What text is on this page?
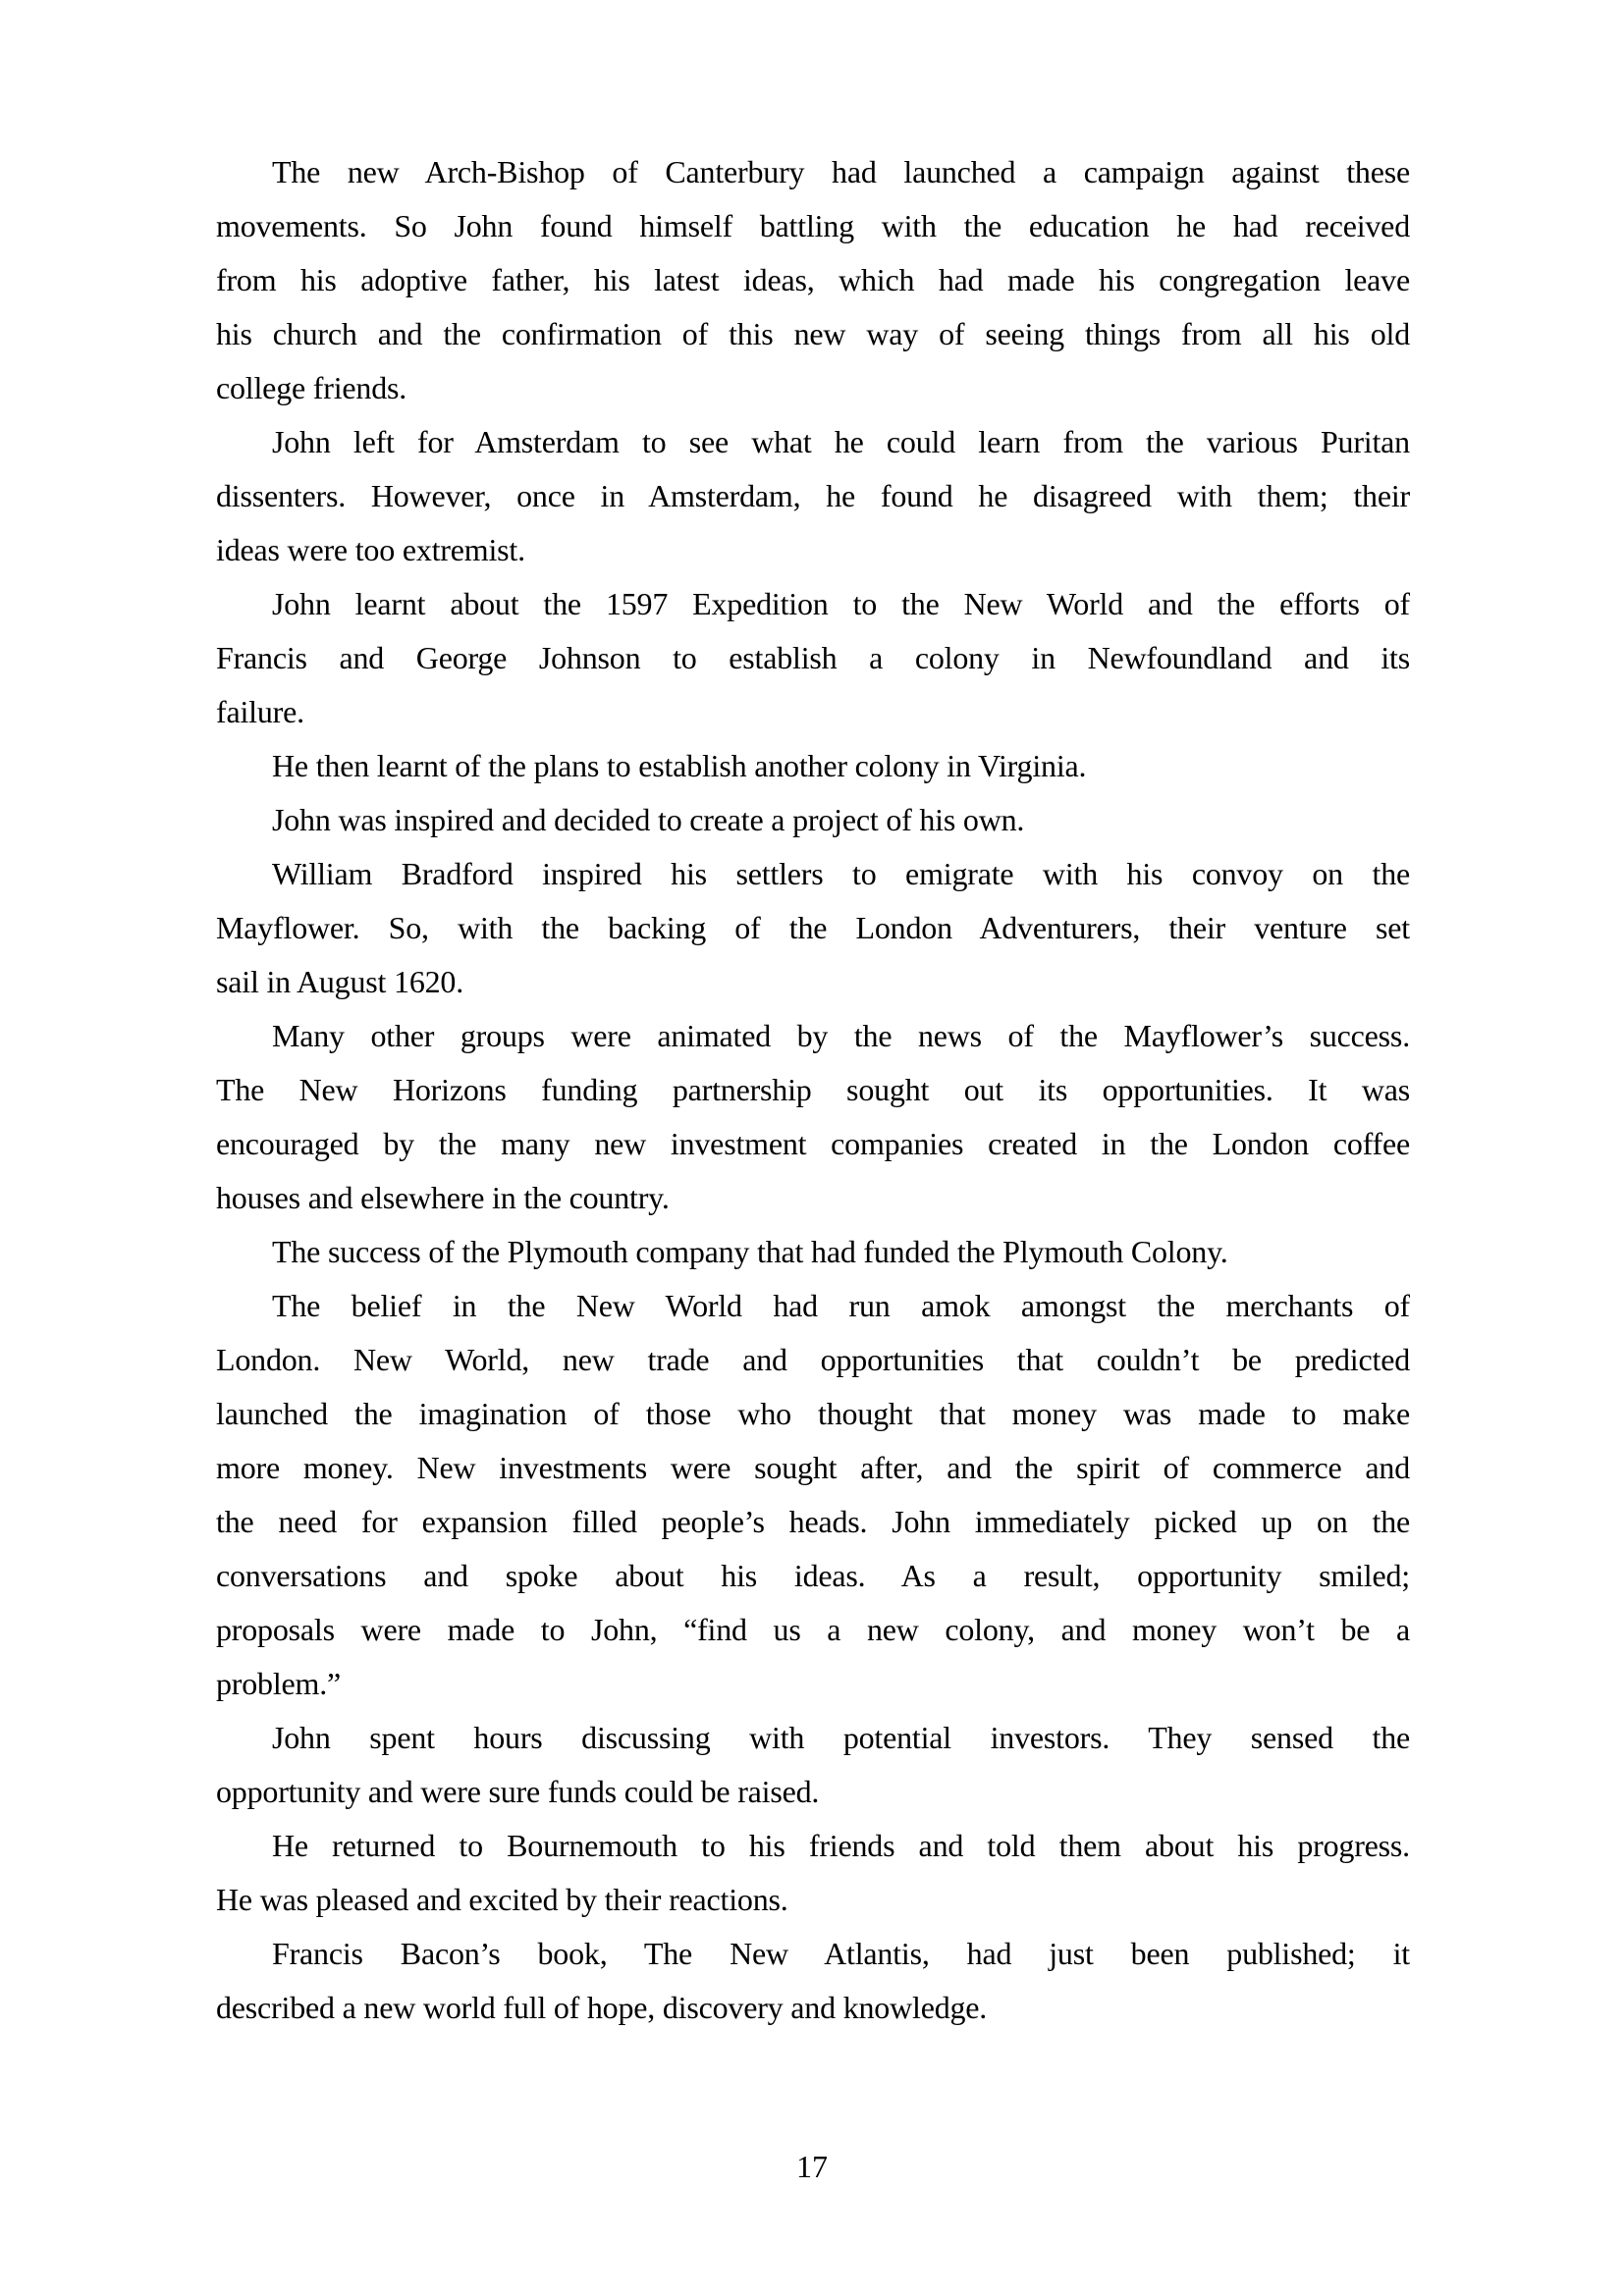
The new Arch-Bishop of Canterbury had launched a campaign against these
movements. So John found himself battling with the education he had received
from his adoptive father, his latest ideas, which had made his congregation leave
his church and the confirmation of this new way of seeing things from all his old
college friends.
John left for Amsterdam to see what he could learn from the various Puritan
dissenters. However, once in Amsterdam, he found he disagreed with them; their
ideas were too extremist.
John learnt about the 1597 Expedition to the New World and the efforts of
Francis and George Johnson to establish a colony in Newfoundland and its
failure.
He then learnt of the plans to establish another colony in Virginia.
John was inspired and decided to create a project of his own.
William Bradford inspired his settlers to emigrate with his convoy on the
Mayflower. So, with the backing of the London Adventurers, their venture set
sail in August 1620.
Many other groups were animated by the news of the Mayflower’s success.
The New Horizons funding partnership sought out its opportunities. It was
encouraged by the many new investment companies created in the London coffee
houses and elsewhere in the country.
The success of the Plymouth company that had funded the Plymouth Colony.
The belief in the New World had run amok amongst the merchants of
London. New World, new trade and opportunities that couldn’t be predicted
launched the imagination of those who thought that money was made to make
more money. New investments were sought after, and the spirit of commerce and
the need for expansion filled people’s heads. John immediately picked up on the
conversations and spoke about his ideas. As a result, opportunity smiled;
proposals were made to John, “find us a new colony, and money won’t be a
problem.”
John spent hours discussing with potential investors. They sensed the
opportunity and were sure funds could be raised.
He returned to Bournemouth to his friends and told them about his progress.
He was pleased and excited by their reactions.
Francis Bacon’s book, The New Atlantis, had just been published; it
described a new world full of hope, discovery and knowledge.
17
